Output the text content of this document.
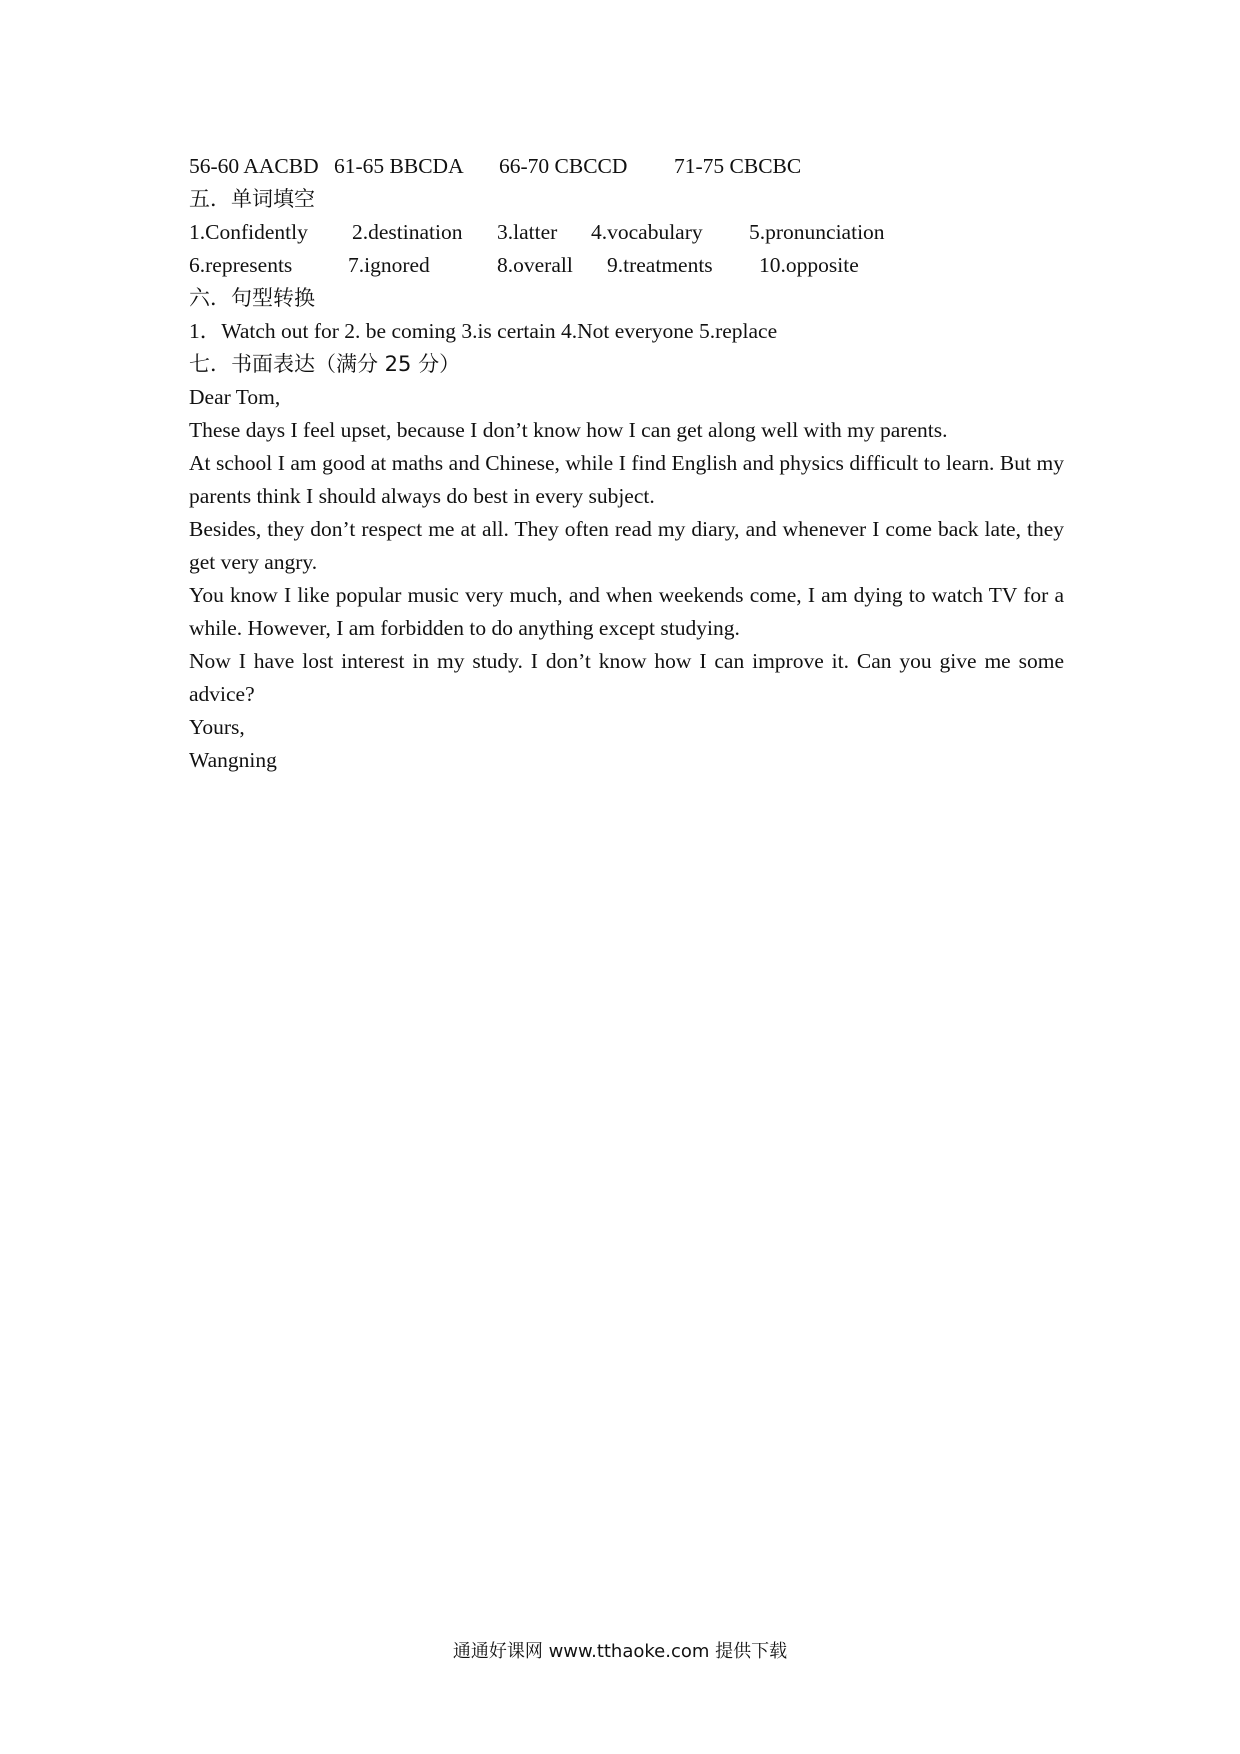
56-60 AACBD 61-65 BBCDA 66-70 CBCCD 71-75 CBCBC
五．单词填空
1.Confidently 2.destination 3.latter 4.vocabulary 5.pronunciation
6.represents	7.ignored	8.overall 9.treatments 10.opposite
六．句型转换
1．Watch out for 2. be coming 3.is certain 4.Not everyone 5.replace
七．书面表达（满分 25 分）
Dear Tom,
These days I feel upset, because I don’t know how I can get along well with my parents.
At school I am good at maths and Chinese, while I find English and physics difficult to learn. But my parents think I should always do best in every subject.
Besides, they don’t respect me at all. They often read my diary, and whenever I come back late, they get very angry.
You know I like popular music very much, and when weekends come, I am dying to watch TV for a while. However, I am forbidden to do anything except studying.
Now I have lost interest in my study. I don’t know how I can improve it. Can you give me some advice?
Yours,
Wangning
通通好课网 www.tthaoke.com 提供下载
